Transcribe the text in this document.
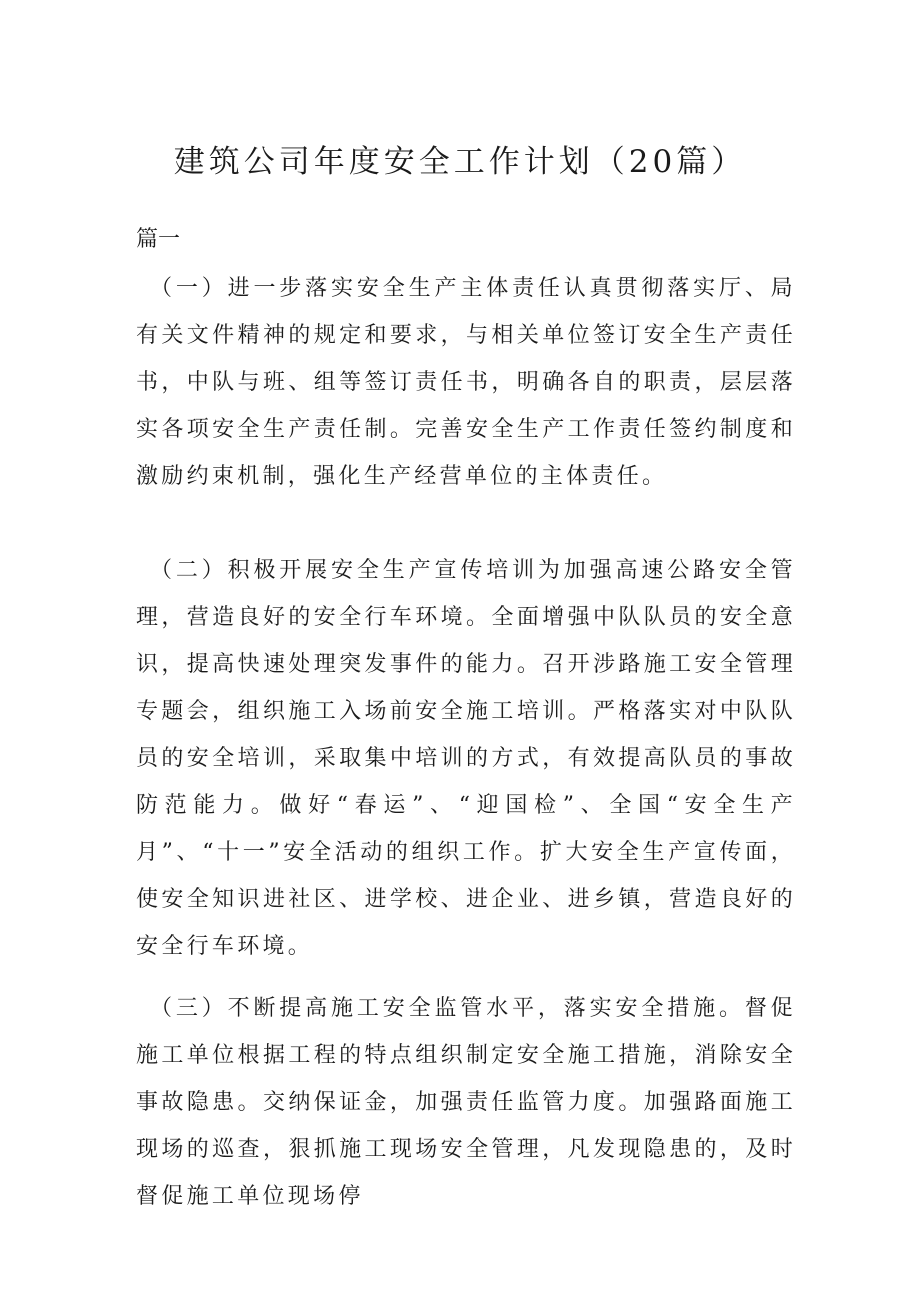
建筑公司年度安全工作计划（20篇）
篇一

（一）进一步落实安全生产主体责任认真贯彻落实厅、局有关文件精神的规定和要求，与相关单位签订安全生产责任书，中队与班、组等签订责任书，明确各自的职责，层层落实各项安全生产责任制。完善安全生产工作责任签约制度和激励约束机制，强化生产经营单位的主体责任。

（二）积极开展安全生产宣传培训为加强高速公路安全管理，营造良好的安全行车环境。全面增强中队队员的安全意识，提高快速处理突发事件的能力。召开涉路施工安全管理专题会，组织施工入场前安全施工培训。严格落实对中队队员的安全培训，采取集中培训的方式，有效提高队员的事故防范能力。做好“春运”、“迎国检”、全国“安全生产月”、“十一”安全活动的组织工作。扩大安全生产宣传面，使安全知识进社区、进学校、进企业、进乡镇，营造良好的安全行车环境。

（三）不断提高施工安全监管水平，落实安全措施。督促施工单位根据工程的特点组织制定安全施工措施，消除安全事故隐患。交纳保证金，加强责任监管力度。加强路面施工现场的巡查，狠抓施工现场安全管理，凡发现隐患的，及时督促施工单位现场停
